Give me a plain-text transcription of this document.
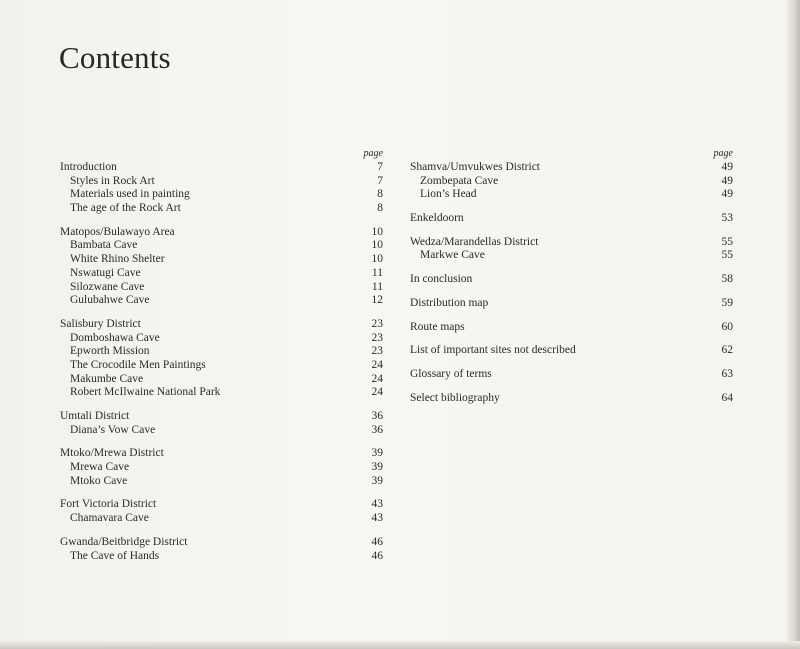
Contents
page
Introduction	7
Styles in Rock Art	7
Materials used in painting	8
The age of the Rock Art	8
Matopos/Bulawayo Area	10
Bambata Cave	10
White Rhino Shelter	10
Nswatugi Cave	11
Silozwane Cave	11
Gulubahwe Cave	12
Salisbury District	23
Domboshawa Cave	23
Epworth Mission	23
The Crocodile Men Paintings	24
Makumbe Cave	24
Robert McIlwaine National Park	24
Umtali District	36
Diana’s Vow Cave	36
Mtoko/Mrewa District	39
Mrewa Cave	39
Mtoko Cave	39
Fort Victoria District	43
Chamavara Cave	43
Gwanda/Beitbridge District	46
The Cave of Hands	46
page
Shamva/Umvukwes District	49
Zombepata Cave	49
Lion’s Head	49
Enkeldoorn	53
Wedza/Marandellas District	55
Markwe Cave	55
In conclusion	58
Distribution map	59
Route maps	60
List of important sites not described	62
Glossary of terms	63
Select bibliography	64
